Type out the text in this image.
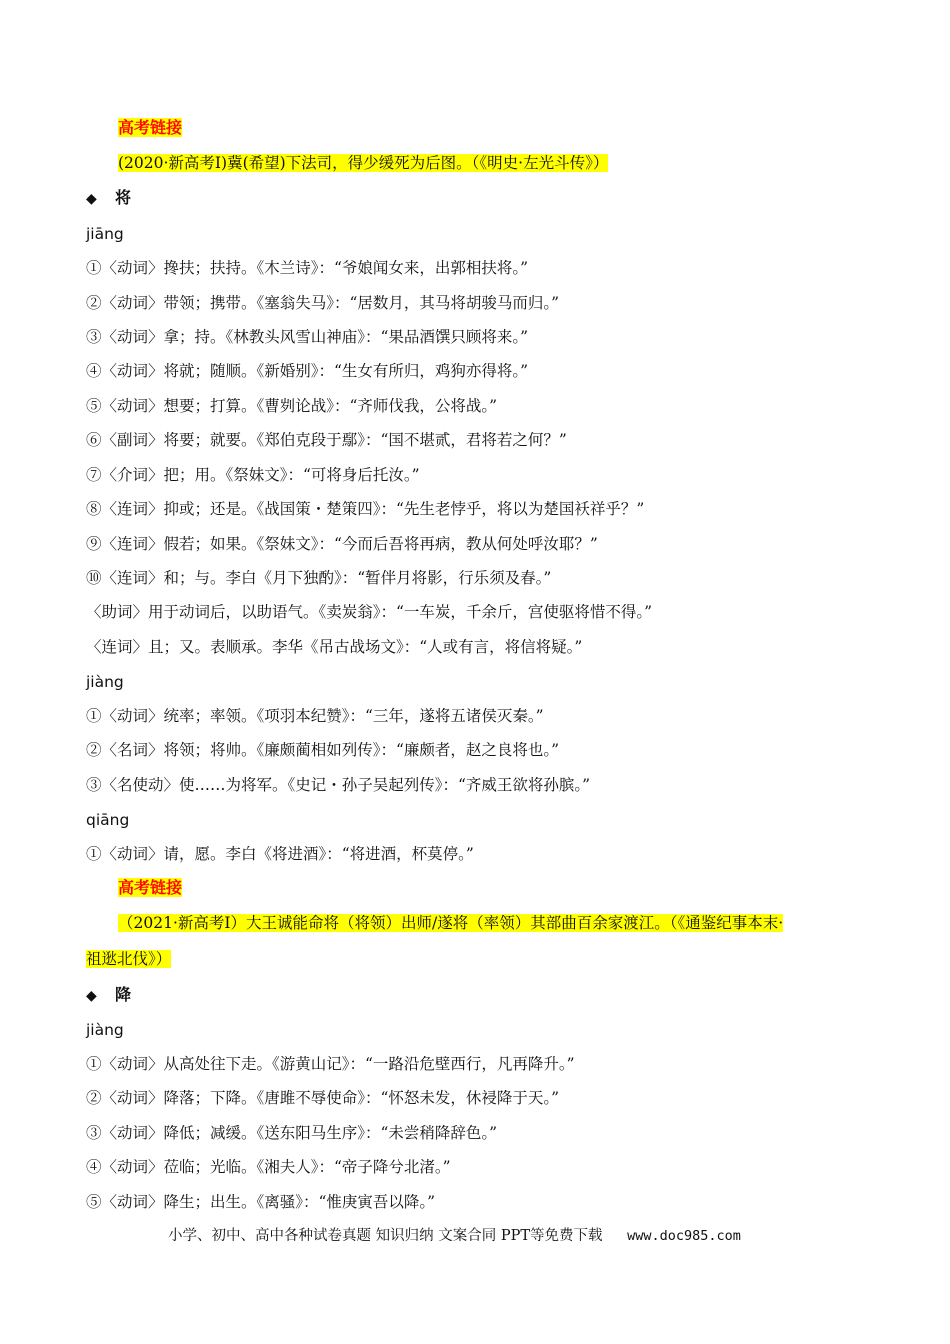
高考链接
(2020·新高考I)冀(希望)下法司，得少缓死为后图。（《明史·左光斗传》）
◆ 将
jiāng
①〈动词〉搀扶；扶持。《木兰诗》：“爷娘闻女来，出郭相扶将。”
②〈动词〉带领；携带。《塞翁失马》：“居数月，其马将胡骏马而归。”
③〈动词〉拿；持。《林教头风雪山神庙》：“果品酒馔只顾将来。”
④〈动词〉将就；随顺。《新婚别》：“生女有所归，鸡狗亦得将。”
⑤〈动词〉想要；打算。《曹刿论战》：“齐师伐我，公将战。”
⑥〈副词〉将要；就要。《郑伯克段于鄢》：“国不堪贰，君将若之何？”
⑦〈介词〉把；用。《祭妹文》：“可将身后托汝。”
⑧〈连词〉抑或；还是。《战国策・楚策四》：“先生老悖乎，将以为楚国袄祥乎？”
⑨〈连词〉假若；如果。《祭妹文》：“今而后吾将再病，教从何处呼汝耶？”
⑩〈连词〉和；与。李白《月下独酌》：“暂伴月将影，行乐须及春。”
〈助词〉用于动词后，以助语气。《卖炭翁》：“一车炭，千余斤，宫使驱将惜不得。”
〈连词〉且；又。表顺承。李华《吊古战场文》：“人或有言，将信将疑。”
jiàng
①〈动词〉统率；率领。《项羽本纪赞》：“三年，遂将五诸侯灭秦。”
②〈名词〉将领；将帅。《廉颇蔺相如列传》：“廉颇者，赵之良将也。”
③〈名使动〉使……为将军。《史记・孙子吴起列传》：“齐威王欲将孙膑。”
qiāng
①〈动词〉请，愿。李白《将进酒》：“将进酒，杯莫停。”
高考链接
（2021·新高考I）大王诚能命将（将领）出师/遂将（率领）其部曲百余家渡江。（《通鉴纪事本末·
祖逖北伐》）
◆ 降
jiàng
①〈动词〉从高处往下走。《游黄山记》：“一路沿危壁西行，凡再降升。”
②〈动词〉降落；下降。《唐雎不辱使命》：“怀怒未发，休祲降于天。”
③〈动词〉降低；减缓。《送东阳马生序》：“未尝稍降辞色。”
④〈动词〉莅临；光临。《湘夫人》：“帝子降兮北渚。”
⑤〈动词〉降生；出生。《离骚》：“惟庚寅吾以降。”
小学、初中、高中各种试卷真题 知识归纳 文案合同 PPT等免费下载 www.doc985.com
